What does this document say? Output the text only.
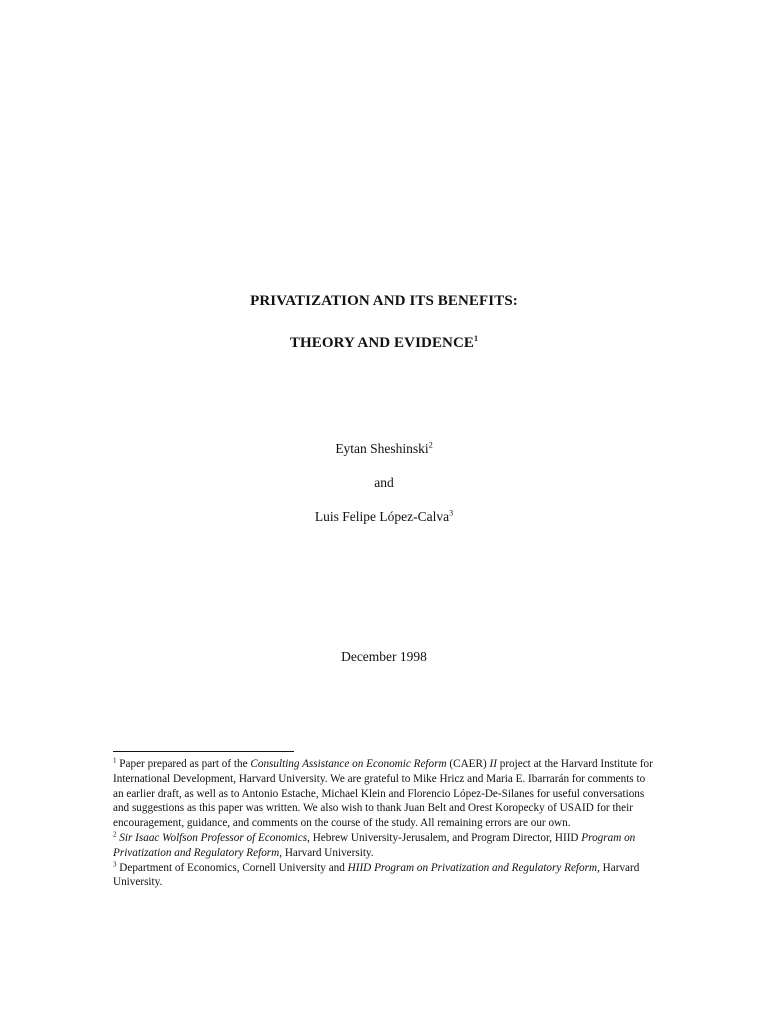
PRIVATIZATION AND ITS BENEFITS:
THEORY AND EVIDENCE$^1$
Eytan Sheshinski$^2$
and
Luis Felipe López-Calva$^3$
December 1998

$^1$ Paper prepared as part of the Consulting Assistance on Economic Reform (CAER) II project at the Harvard Institute for International Development, Harvard University. We are grateful to Mike Hricz and Maria E. Ibarrarán for comments to an earlier draft, as well as to Antonio Estache, Michael Klein and Florencio López-De-Silanes for useful conversations and suggestions as this paper was written. We also wish to thank Juan Belt and Orest Koropecky of USAID for their encouragement, guidance, and comments on the course of the study. All remaining errors are our own.

$^2$ Sir Isaac Wolfson Professor of Economics, Hebrew University-Jerusalem, and Program Director, HIID Program on Privatization and Regulatory Reform, Harvard University.

$^3$ Department of Economics, Cornell University and HIID Program on Privatization and Regulatory Reform, Harvard University.
